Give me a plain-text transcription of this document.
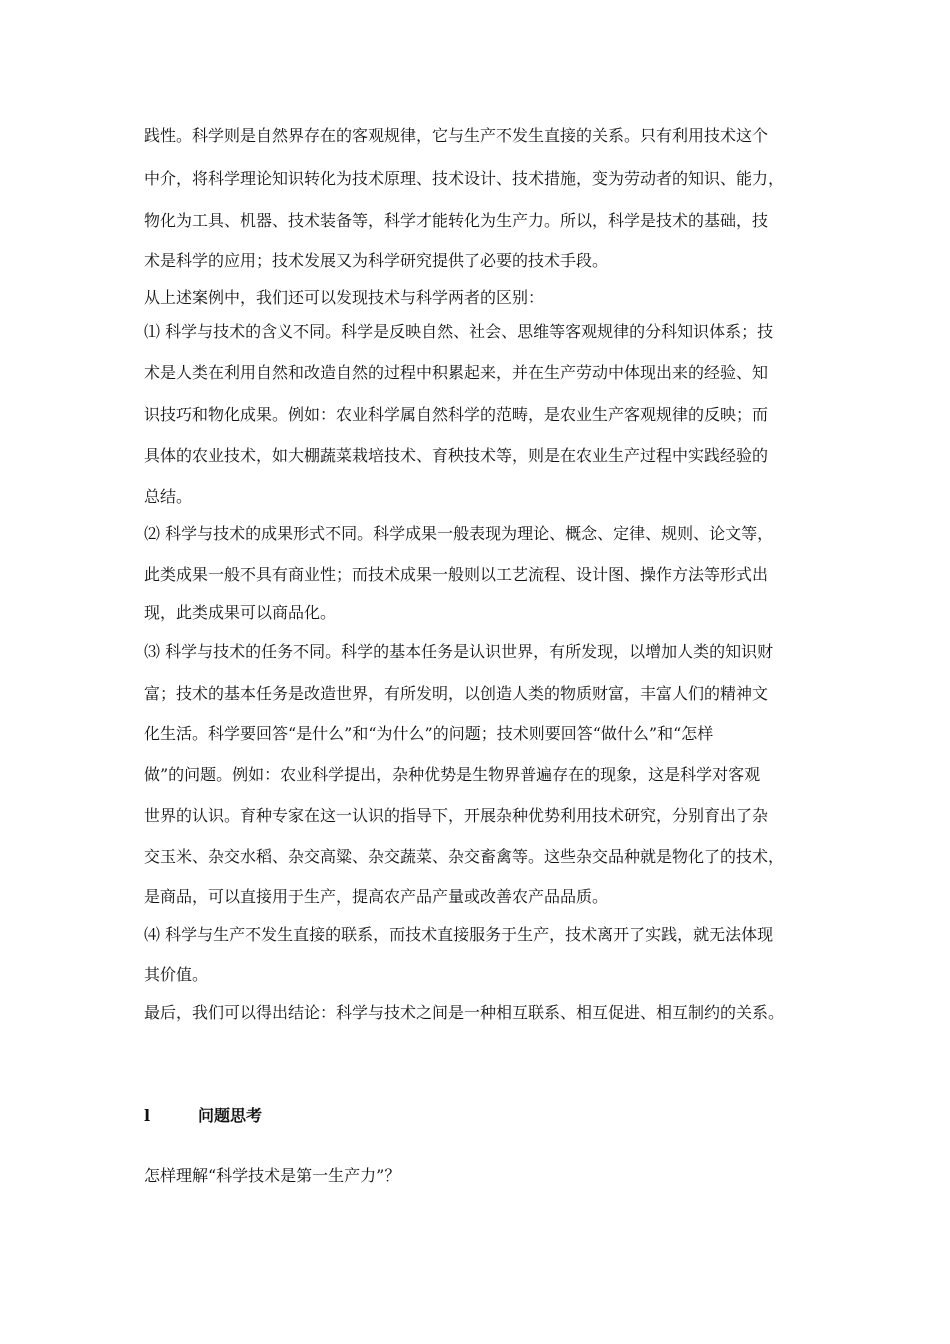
践性。科学则是自然界存在的客观规律，它与生产不发生直接的关系。只有利用技术这个
中介，将科学理论知识转化为技术原理、技术设计、技术措施，变为劳动者的知识、能力，
物化为工具、机器、技术装备等，科学才能转化为生产力。所以，科学是技术的基础，技
术是科学的应用；技术发展又为科学研究提供了必要的技术手段。
从上述案例中，我们还可以发现技术与科学两者的区别：
⑴ 科学与技术的含义不同。科学是反映自然、社会、思维等客观规律的分科知识体系；技
术是人类在利用自然和改造自然的过程中积累起来，并在生产劳动中体现出来的经验、知
识技巧和物化成果。例如：农业科学属自然科学的范畴，是农业生产客观规律的反映；而
具体的农业技术，如大棚蔬菜栽培技术、育秧技术等，则是在农业生产过程中实践经验的
总结。
⑵ 科学与技术的成果形式不同。科学成果一般表现为理论、概念、定律、规则、论文等，
此类成果一般不具有商业性；而技术成果一般则以工艺流程、设计图、操作方法等形式出
现，此类成果可以商品化。
⑶ 科学与技术的任务不同。科学的基本任务是认识世界，有所发现，以增加人类的知识财
富；技术的基本任务是改造世界，有所发明，以创造人类的物质财富，丰富人们的精神文
化生活。科学要回答“是什么”和“为什么”的问题；技术则要回答“做什么”和“怎样
做”的问题。例如：农业科学提出，杂种优势是生物界普遍存在的现象，这是科学对客观
世界的认识。育种专家在这一认识的指导下，开展杂种优势利用技术研究，分别育出了杂
交玉米、杂交水稻、杂交高粱、杂交蔬菜、杂交畜禽等。这些杂交品种就是物化了的技术，
是商品，可以直接用于生产，提高农产品产量或改善农产品品质。
⑷ 科学与生产不发生直接的联系，而技术直接服务于生产，技术离开了实践，就无法体现
其价值。
最后，我们可以得出结论：科学与技术之间是一种相互联系、相互促进、相互制约的关系。
l	问题思考
怎样理解“科学技术是第一生产力”？
